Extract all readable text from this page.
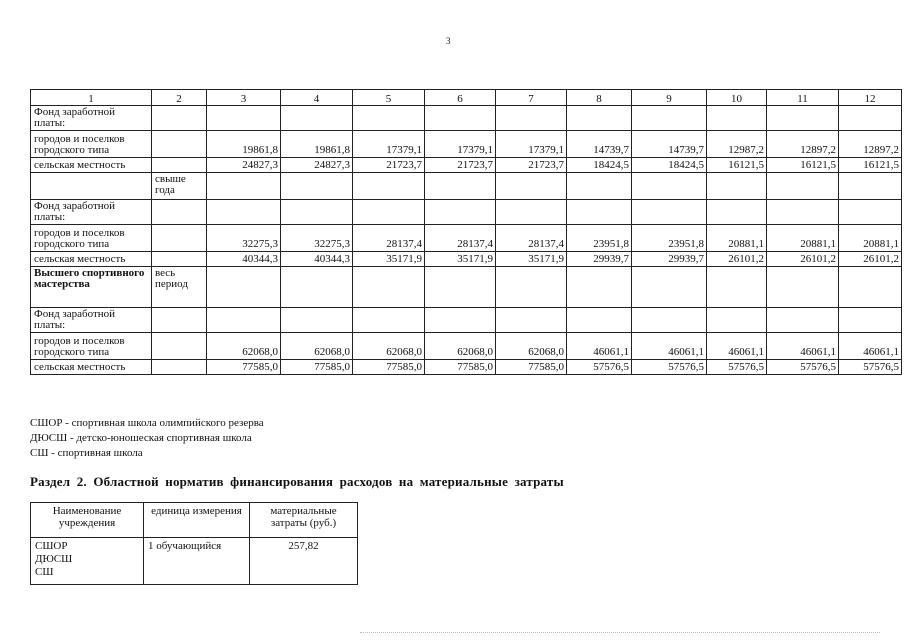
3
1	2	3	4	5	6	7	8	9	10	11	12
Фонд заработной платы:											
городов и поселков городского типа		19861,8	19861,8	17379,1	17379,1	17379,1	14739,7	14739,7	12987,2	12897,2	12897,2
сельская местность		24827,3	24827,3	21723,7	21723,7	21723,7	18424,5	18424,5	16121,5	16121,5	16121,5
	свыше года										
Фонд заработной платы:											
городов и поселков городского типа		32275,3	32275,3	28137,4	28137,4	28137,4	23951,8	23951,8	20881,1	20881,1	20881,1
сельская местность		40344,3	40344,3	35171,9	35171,9	35171,9	29939,7	29939,7	26101,2	26101,2	26101,2
Высшего спортивного мастерства	весь период										
Фонд заработной платы:											
городов и поселков городского типа		62068,0	62068,0	62068,0	62068,0	62068,0	46061,1	46061,1	46061,1	46061,1	46061,1
сельская местность		77585,0	77585,0	77585,0	77585,0	77585,0	57576,5	57576,5	57576,5	57576,5	57576,5
СШОР - спортивная школа олимпийского резерва
ДЮСШ - детско-юношеская спортивная школа
СШ - спортивная школа
Раздел 2. Областной норматив финансирования расходов на материальные затраты
Наименование учреждения	единица измерения	материальные затраты (руб.)

СШОР
ДЮСШ
СШ	1 обучающийся	257,82
